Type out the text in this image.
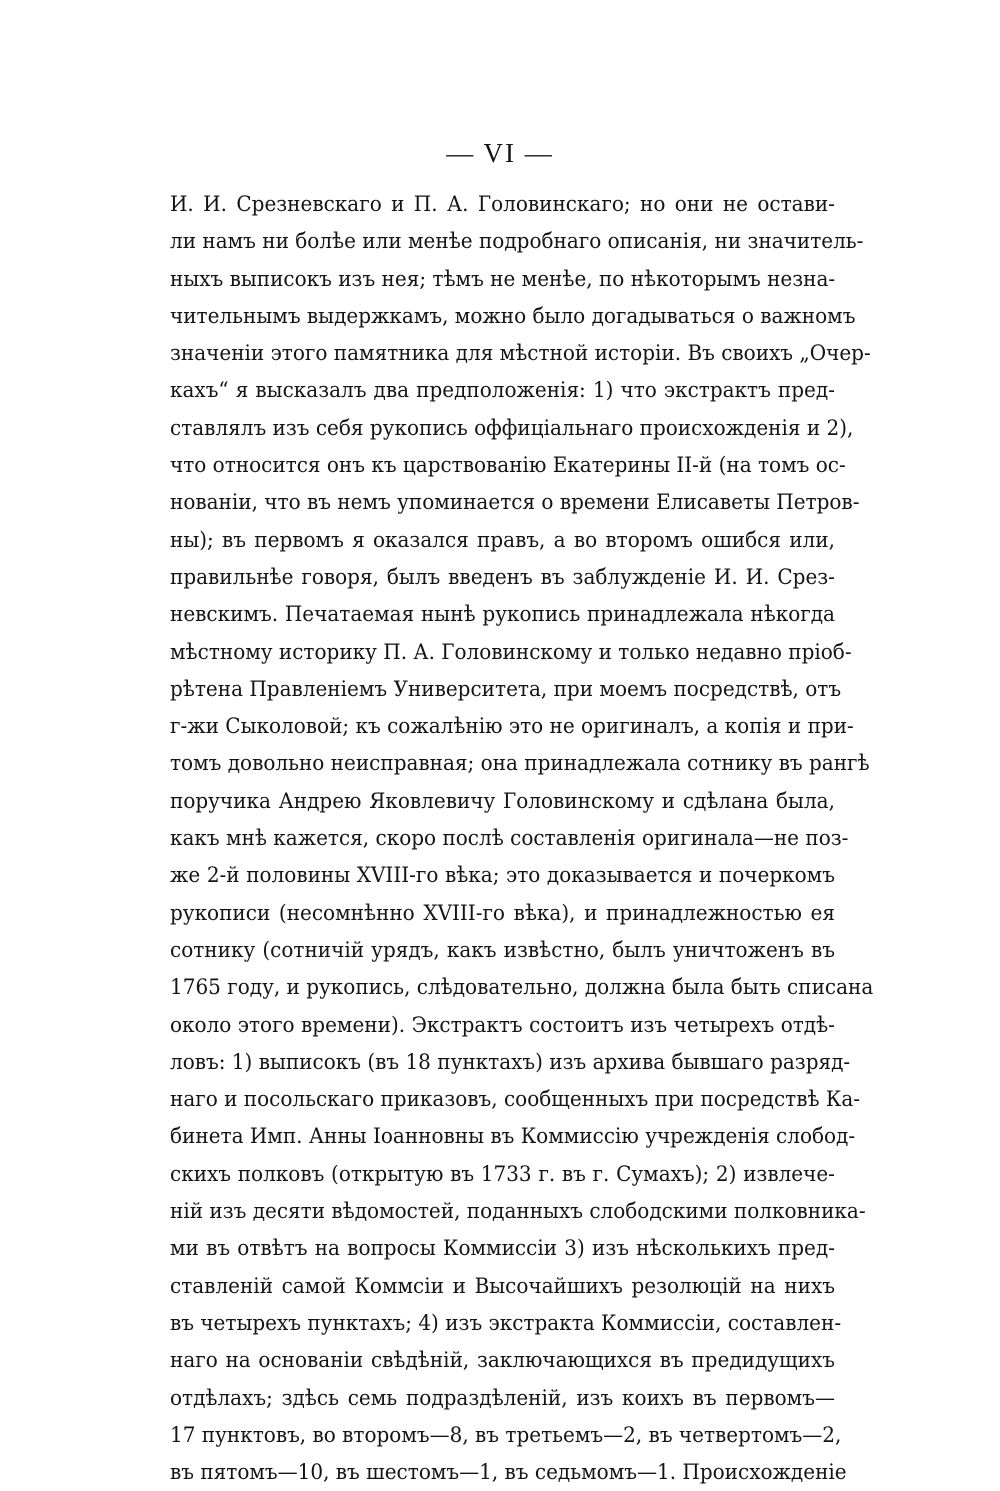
— VI —
И. И. Срезневскаго и П. А. Головинскаго; но они не остави-
ли намъ ни болѣе или менѣе подробнаго описанія, ни значитель-
ныхъ выписокъ изъ нея; тѣмъ не менѣе, по нѣкоторымъ незна-
чительнымъ выдержкамъ, можно было догадываться о важномъ
значеніи этого памятника для мѣстной исторіи. Въ своихъ „Очер-
кахъ“ я высказалъ два предположенія: 1) что экстрактъ пред-
ставлялъ изъ себя рукопись оффиціальнаго происхожденія и 2),
что относится онъ къ царствованію Екатерины II-й (на томъ ос-
нованіи, что въ немъ упоминается о времени Елисаветы Петров-
ны); въ первомъ я оказался правъ, а во второмъ ошибся или,
правильнѣе говоря, былъ введенъ въ заблужденіе И. И. Срез-
невскимъ. Печатаемая нынѣ рукопись принадлежала нѣкогда
мѣстному историку П. А. Головинскому и только недавно пріоб-
рѣтена Правленіемъ Университета, при моемъ посредствѣ, отъ
г-жи Сыколовой; къ сожалѣнію это не оригиналъ, а копія и при-
томъ довольно неисправная; она принадлежала сотнику въ рангѣ
поручика Андрею Яковлевичу Головинскому и сдѣлана была,
какъ мнѣ кажется, скоро послѣ составленія оригинала—не поз-
же 2-й половины XVIII-го вѣка; это доказывается и почеркомъ
рукописи (несомнѣнно XVIII-го вѣка), и принадлежностью ея
сотнику (сотничій урядъ, какъ извѣстно, былъ уничтоженъ въ
1765 году, и рукопись, слѣдовательно, должна была быть списана
около этого времени). Экстрактъ состоитъ изъ четырехъ отдѣ-
ловъ: 1) выписокъ (въ 18 пунктахъ) изъ архива бывшаго разряд-
наго и посольскаго приказовъ, сообщенныхъ при посредствѣ Ка-
бинета Имп. Анны Іоанновны въ Коммиссію учрежденія слобод-
скихъ полковъ (открытую въ 1733 г. въ г. Сумахъ); 2) извлече-
ній изъ десяти вѣдомостей, поданныхъ слободскими полковника-
ми въ отвѣтъ на вопросы Коммиссіи 3) изъ нѣсколькихъ пред-
ставленій самой Коммсіи и Высочайшихъ резолюцій на нихъ
въ четырехъ пунктахъ; 4) изъ экстракта Коммиссіи, составлен-
наго на основаніи свѣдѣній, заключающихся въ предидущихъ
отдѣлахъ; здѣсь семь подраздѣленій, изъ коихъ въ первомъ—
17 пунктовъ, во второмъ—8, въ третьемъ—2, въ четвертомъ—2,
въ пятомъ—10, въ шестомъ—1, въ седьмомъ—1. Происхожденіе
